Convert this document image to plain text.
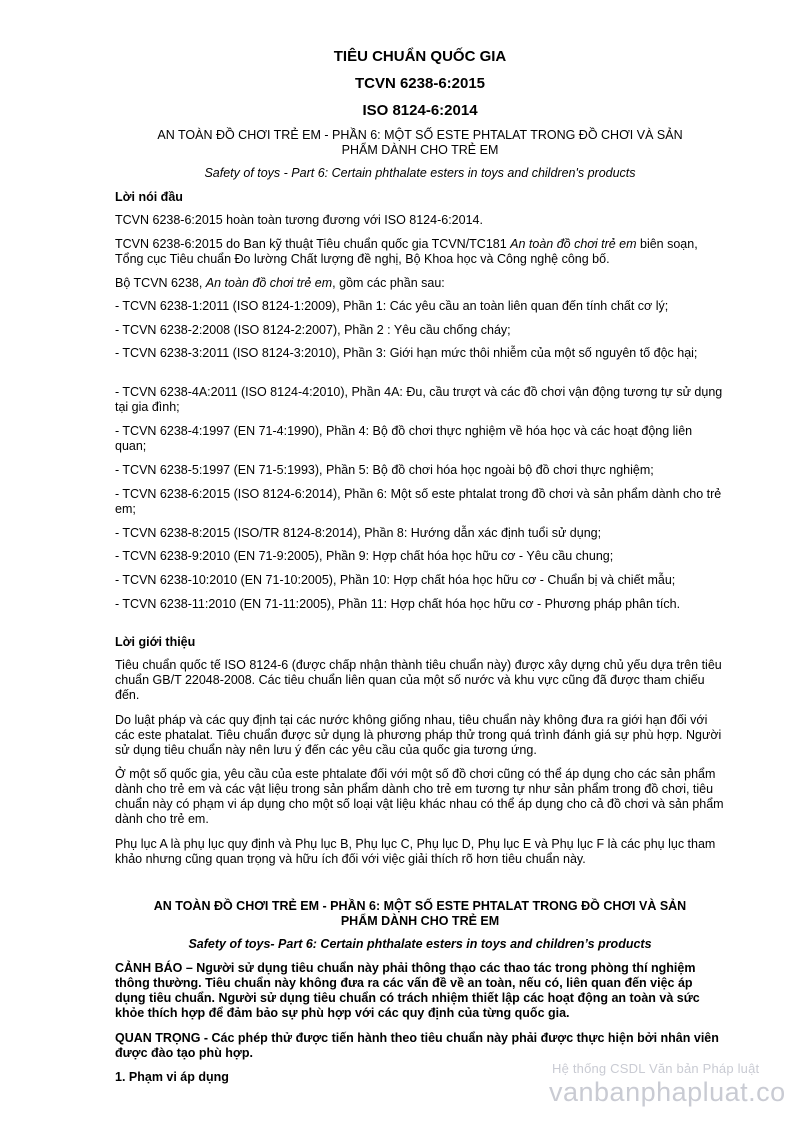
TIÊU CHUẨN QUỐC GIA
TCVN 6238-6:2015
ISO 8124-6:2014
AN TOÀN ĐỒ CHƠI TRẺ EM - PHẦN 6: MỘT SỐ ESTE PHTALAT TRONG ĐỒ CHƠI VÀ SẢN
PHẨM DÀNH CHO TRẺ EM
Safety of toys - Part 6: Certain phthalate esters in toys and children's products
Lời nói đầu
TCVN 6238-6:2015 hoàn toàn tương đương với ISO 8124-6:2014.
TCVN 6238-6:2015 do Ban kỹ thuật Tiêu chuẩn quốc gia TCVN/TC181 An toàn đồ chơi trẻ em biên soạn, Tổng cục Tiêu chuẩn Đo lường Chất lượng đề nghị, Bộ Khoa học và Công nghệ công bố.
Bộ TCVN 6238, An toàn đồ chơi trẻ em, gồm các phần sau:
- TCVN 6238-1:2011 (ISO 8124-1:2009), Phần 1: Các yêu cầu an toàn liên quan đến tính chất cơ lý;
- TCVN 6238-2:2008 (ISO 8124-2:2007), Phần 2 : Yêu cầu chống cháy;
- TCVN 6238-3:2011 (ISO 8124-3:2010), Phần 3: Giới hạn mức thôi nhiễm của một số nguyên tố độc hại;
- TCVN 6238-4A:2011 (ISO 8124-4:2010), Phần 4A: Đu, cầu trượt và các đồ chơi vận động tương tự sử dụng tại gia đình;
- TCVN 6238-4:1997 (EN 71-4:1990), Phần 4: Bộ đồ chơi thực nghiệm về hóa học và các hoạt động liên quan;
- TCVN 6238-5:1997 (EN 71-5:1993), Phần 5: Bộ đồ chơi hóa học ngoài bộ đồ chơi thực nghiệm;
- TCVN 6238-6:2015 (ISO 8124-6:2014), Phần 6: Một số este phtalat trong đồ chơi và sản phẩm dành cho trẻ em;
- TCVN 6238-8:2015 (ISO/TR 8124-8:2014), Phần 8: Hướng dẫn xác định tuổi sử dụng;
- TCVN 6238-9:2010 (EN 71-9:2005), Phần 9: Hợp chất hóa học hữu cơ - Yêu cầu chung;
- TCVN 6238-10:2010 (EN 71-10:2005), Phần 10: Hợp chất hóa học hữu cơ - Chuẩn bị và chiết mẫu;
- TCVN 6238-11:2010 (EN 71-11:2005), Phần 11: Hợp chất hóa học hữu cơ - Phương pháp phân tích.
Lời giới thiệu
Tiêu chuẩn quốc tế ISO 8124-6 (được chấp nhận thành tiêu chuẩn này) được xây dựng chủ yếu dựa trên tiêu chuẩn GB/T 22048-2008. Các tiêu chuẩn liên quan của một số nước và khu vực cũng đã được tham chiếu đến.
Do luật pháp và các quy định tại các nước không giống nhau, tiêu chuẩn này không đưa ra giới hạn đối với các este phatalat. Tiêu chuẩn được sử dụng là phương pháp thử trong quá trình đánh giá sự phù hợp. Người sử dụng tiêu chuẩn này nên lưu ý đến các yêu cầu của quốc gia tương ứng.
Ở một số quốc gia, yêu cầu của este phtalate đối với một số đồ chơi cũng có thể áp dụng cho các sản phẩm dành cho trẻ em và các vật liệu trong sản phẩm dành cho trẻ em tương tự như sản phẩm trong đồ chơi, tiêu chuẩn này có phạm vi áp dụng cho một số loại vật liệu khác nhau có thể áp dụng cho cả đồ chơi và sản phẩm dành cho trẻ em.
Phụ lục A là phụ lục quy định và Phụ lục B, Phụ lục C, Phụ lục D, Phụ lục E và Phụ lục F là các phụ lục tham khảo nhưng cũng quan trọng và hữu ích đối với việc giải thích rõ hơn tiêu chuẩn này.
AN TOÀN ĐỒ CHƠI TRẺ EM - PHẦN 6: MỘT SỐ ESTE PHTALAT TRONG ĐỒ CHƠI VÀ SẢN
PHẨM DÀNH CHO TRẺ EM
Safety of toys- Part 6: Certain phthalate esters in toys and children’s products
CẢNH BÁO – Người sử dụng tiêu chuẩn này phải thông thạo các thao tác trong phòng thí nghiệm thông thường. Tiêu chuẩn này không đưa ra các vấn đề về an toàn, nếu có, liên quan đến việc áp dụng tiêu chuẩn. Người sử dụng tiêu chuẩn có trách nhiệm thiết lập các hoạt động an toàn và sức khỏe thích hợp để đảm bảo sự phù hợp với các quy định của từng quốc gia.
QUAN TRỌNG - Các phép thử được tiến hành theo tiêu chuẩn này phải được thực hiện bởi nhân viên được đào tạo phù hợp.
1. Phạm vi áp dụng
Hệ thống CSDL Văn bản Pháp luật
vanbanphapluat.co
